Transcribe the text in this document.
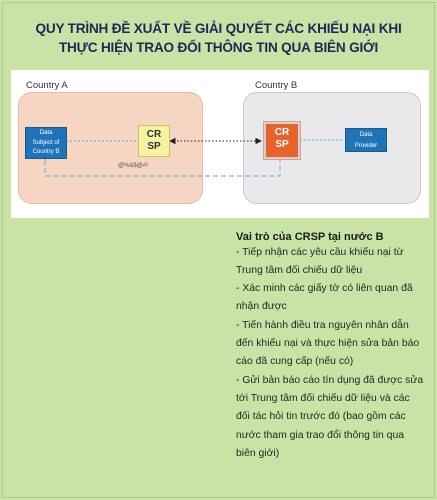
QUY TRÌNH ĐỀ XUẤT VỀ GIẢI QUYẾT CÁC KHIẾU NẠI KHI
THỰC HIỆN TRAO ĐỔI THÔNG TIN QUA BIÊN GIỚI
Country A	Country B
Data
Subject of
Country B
CR
SP
CR
SP
Data
Provider
@%&$@#!
Vai trò của CRSP tại nước B
- Tiếp nhận các yêu cầu khiếu nại từ
Trung tâm đối chiếu dữ liệu
- Xác minh các giấy tờ có liên quan đã
nhận được
- Tiến hành điều tra nguyên nhân dẫn
đến khiếu nại và thực hiện sửa bản báo
cáo đã cung cấp (nếu có)
- Gửi bản báo cáo tín dụng đã được sửa
tới Trung tâm đối chiếu dữ liệu và các
đối tác hỏi tin trước đó (bao gồm các
nước tham gia trao đổi thông tin qua
biên giới)
